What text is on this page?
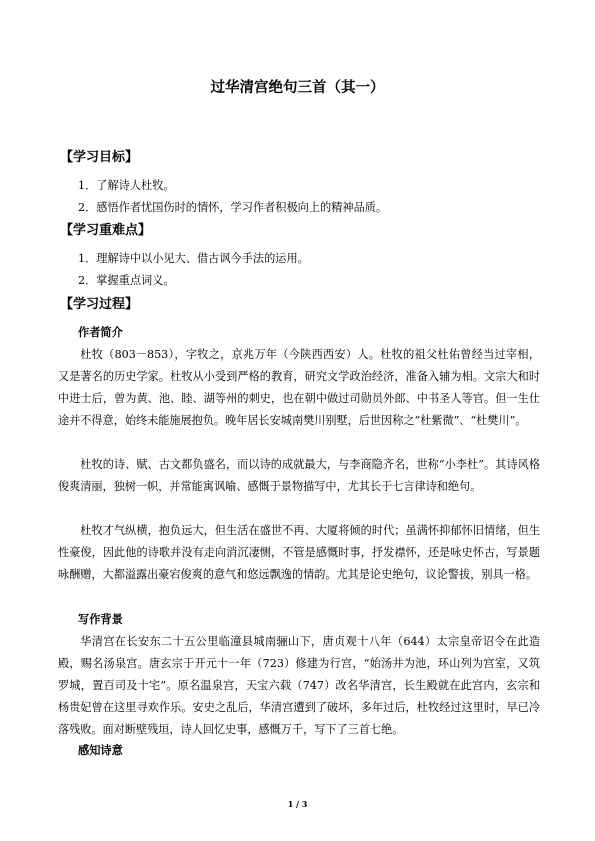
过华清宫绝句三首（其一）
【学习目标】
1．了解诗人杜牧。
2．感悟作者忧国伤时的情怀，学习作者积极向上的精神品质。
【学习重难点】
1．理解诗中以小见大、借古讽今手法的运用。
2．掌握重点词义。
【学习过程】
作者简介

杜牧（803－853），字牧之，京兆万年（今陕西西安）人。杜牧的祖父杜佑曾经当过宰相，又是著名的历史学家。杜牧从小受到严格的教育，研究文学政治经济，准备入辅为相。文宗大和时中进士后，曾为黄、池、睦、湖等州的刺史，也在朝中做过司勋员外郎、中书圣人等官。但一生仕途并不得意，始终未能施展抱负。晚年居长安城南樊川别墅，后世因称之“杜紫微”、“杜樊川”。

杜牧的诗、赋、古文都负盛名，而以诗的成就最大，与李商隐齐名，世称“小李杜”。其诗风格俊爽清丽，独树一帜，并常能寓讽喻、感慨于景物描写中，尤其长于七言律诗和绝句。

杜牧才气纵横，抱负远大，但生活在盛世不再、大厦将倾的时代；虽满怀抑郁怀旧情绪，但生性豪俊，因此他的诗歌并没有走向消沉凄恻，不管是感慨时事，抒发襟怀，还是咏史怀古，写景题咏酬赠，大都溢露出豪宕俊爽的意气和悠远飘逸的情韵。尤其是论史绝句，议论警拔，别具一格。

写作背景

华清宫在长安东二十五公里临潼县城南骊山下，唐贞观十八年（644）太宗皇帝诏令在此造殿，赐名汤泉宫。唐玄宗于开元十一年（723）修建为行宫，“始汤井为池，环山列为宫室，又筑罗城，置百司及十宅”。原名温泉宫，天宝六载（747）改名华清宫，长生殿就在此宫内，玄宗和杨贵妃曾在这里寻欢作乐。安史之乱后，华清宫遭到了破坏，多年过后，杜牧经过这里时，早已冷落残败。面对断壁残垣，诗人回忆史事，感慨万千，写下了三首七绝。

感知诗意
1 / 3
